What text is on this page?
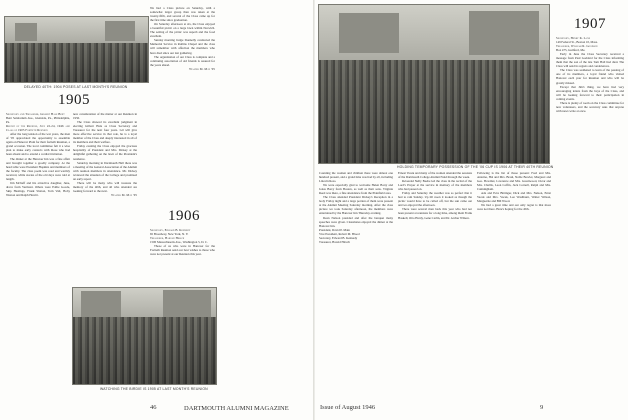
DELAYED 40TH: 1904 POSES AT LAST MONTH'S REUNION
1905

Secretary and Treasurer, Gilbert Hale Bent

Bent Sanitarium Ave., Glenside, Pa., Philadelphia, Pa.

Report of the Reunion, July 22-24, 1946 and Class of 1905 Fortieth Reunion

After the long tension of the war years, the men of '05 appreciated the opportunity to assemble again on Hanover Plain for their fortieth Reunion, a grand occasion. The local committee felt it a wise plan to make early contacts with those who had been absent and to extend a cordial invitation.

The dinner at the Hanover Inn was a fine affair and brought together a goodly company. At the head table were President Hopkins and members of the faculty. The class poem was read and warmly received, while stories of the old days were told at length.

Jim Mcbuff and his attractive daughter, June, drove from Vermont. Others were Eddie Goode, Skip Hastings, Frank Slatton, Tom Vail, Hoby Weston and Ralph Hewitt.

new consideration of the matter at our Reunion in 1950.

The Class showed its excellent judgment in electing Gilbert Hale as Class Secretary and Treasurer for the next four years. Gil will give more effective service in that role, he is a loyal member of the Class and deeply interested in all of its members and their welfare.

Friday evening the Class enjoyed the gracious hospitality of President and Mrs. Dickey at the delightful gathering on the lawn of the President's residence.

Saturday morning in Dartmouth Hall there was a meeting of the General Association of the Alumni with reunion members in attendance. Mr. Dickey reviewed the situation of the College and promised an early report.

There will be many who will treasure the memory of the 40th, and all who attended are looking forward to the next.

Walter M. May '05

WATCHING THE BIRDIE IS 1905 AT LAST MONTH'S REUNION

We had a Class picture on Saturday, with a somewhat larger group than was taken at the twenty-fifth, and several of the Class came up for the first time since graduation.

On Saturday afternoon at six, the Class enjoyed a beautiful picnic on a large lawn within Norwich. The setting of the picnic was superb and the food excellent.

Sunday morning Judge Donnelly conducted the Memorial Service in Rollins Chapel and the class will remember with affection the members who have died since our last gathering.

The organization of our Class is complete and a continuing association of old friends is assured for the years ahead.

Walter M. May '05

1906

Secretary, Edward B. Kennedy

65 Broadway, New York, N. Y.

Treasurer, Harold Hirsch

1500 Massachusetts Ave., Washington 5, D. C.

Those of us who were in Hanover for the Fortieth Reunion send our best wishes to those who were not present at our Reunion this year.

HOLDING TEMPORARY POSSESSION OF THE '06 CUP IS 1906 AT THEIR 40TH REUNION

Counting the women and children there were almost one hundred present, and a grand time was had by all, including Lincoln Ross.

We were especially glad to welcome Helen Barry and Jonas Barry from Boston, as well as their sons. Virginia Reed was there, a fine attendance from the Plainfield area.

The Class attended President Dickey's Reception in a body Friday night and a large portion of them were present at the Alumni Meeting Saturday morning. After the class picture we took Saturday afternoon, the members were entertained by the Hanover Inn Thursday evening.

Dean Nelson presided and after the banquet many speeches were given. Classmates enjoyed the dinner at the Hanover Inn.

President, David P. Main

Vice President, Robert M. Blood

Secretary, Edward B. Kennedy

Treasurer, Harold Hirsch

Ernest Vacek and many of the women attended the sessions of the Dartmouth College Alumni Fund through the week.

Reverend Nelly Beebe led the class in the recital of the Lord's Prayer at the service in memory of the members who had passed on.

Friday and Saturday the weather was so perfect that it had to rain Sunday. Up till noon it looked as though the picnic would have to be called off, but the sun came out and we enjoyed the afternoon.

There were several men back this year who had not been present at reunions for a long time, among them Frank Haskell, Otto Hardy, Gene Carlin, and Dr. Archer Wilson.

Following is the list of those present: Fred and Mrs. Antoine, Hal and Mrs. Braul, Noble Bowler, Margaret and Geo. Bowlder, Lawrence and Mrs. Greenwood, Oscar and Mrs. Challis, Leon Coffin, Jack Cornell, Ralph and Mrs. Cunningham.

Ada and Ezra Bittinger, Dick and Mrs. Nelson, Ernst Vacek and Mrs. Vacek, Lee Washburn, Walter Wilson, Marguerite and Bill Wood.

We had a great time and our only regret is that more were not there. Here's hoping for the 45th.

1907

Secretary, Henry K. Lane

149 Federal St., Boston 10, Mass.

Treasurer, William R. Goodwin

Box 475, Guilford, Me.

Early in June the Class Secretary received a message from Paul Goddard for the Class informing them that the son of the late Tom Hall had died. The Class will send its regrets and condolences.

The Class was saddened to learn of the passing of one of its members, a loyal friend who visited Hanover each year for Reunion and who will be greatly missed.

Except that Jim's thing, we have had very encouraging letters from the boys of the Class, and will be looking forward to their participation in coming events.

There is plenty of room on the Class committee for new volunteers, and the secretary asks that anyone with news write at once.

46	DARTMOUTH ALUMNI MAGAZINE	Issue of August 1946	9
